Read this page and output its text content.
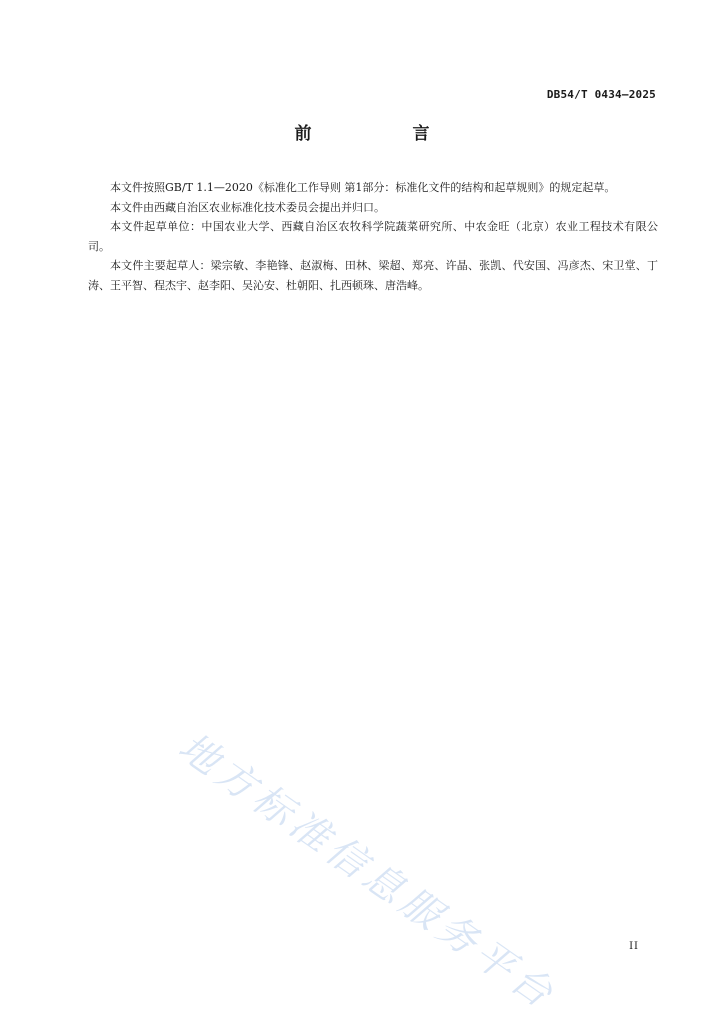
DB54/T 0434—2025
前　言

本文件按照GB/T 1.1—2020《标准化工作导则 第1部分：标准化文件的结构和起草规则》的规定起草。

本文件由西藏自治区农业标准化技术委员会提出并归口。

本文件起草单位：中国农业大学、西藏自治区农牧科学院蔬菜研究所、中农金旺（北京）农业工程技术有限公司。

本文件主要起草人：梁宗敏、李艳锋、赵淑梅、田林、梁超、郑亮、许晶、张凯、代安国、冯彦杰、宋卫堂、丁涛、王平智、程杰宇、赵李阳、吴沁安、杜朝阳、扎西顿珠、唐浩峰。

地方标准信息服务平台	II
